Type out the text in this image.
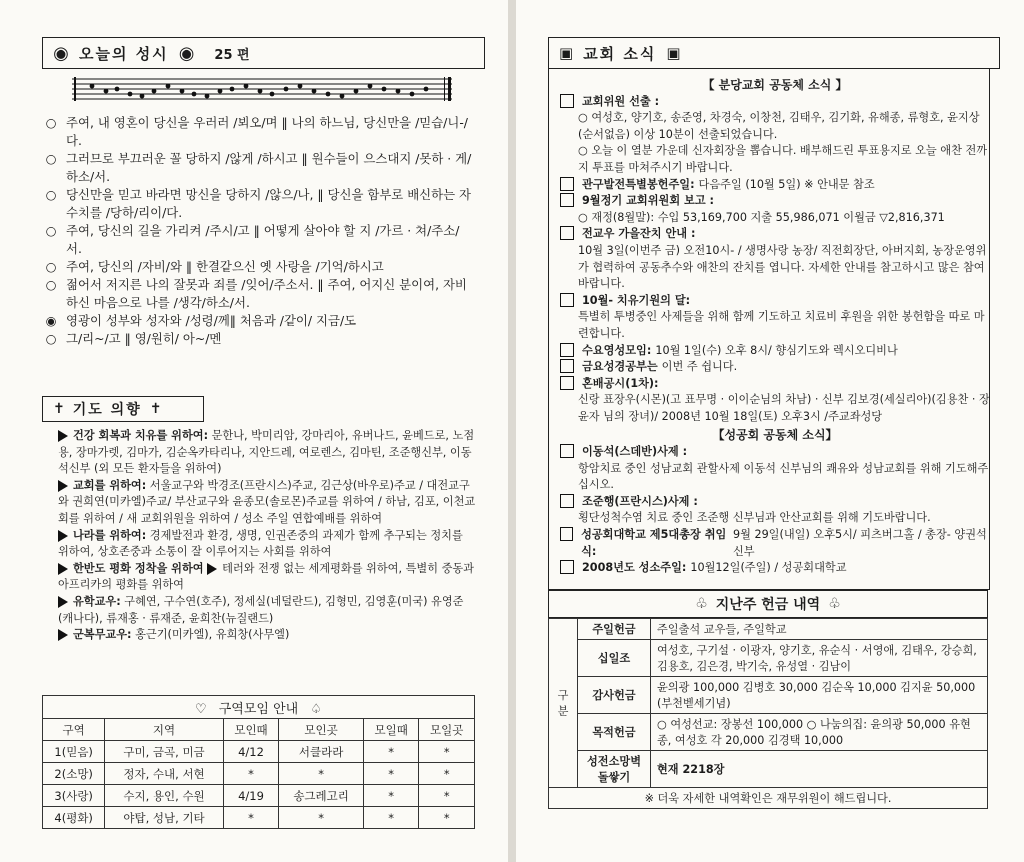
◉ 오늘의 성시 ◉ 25 편
○ 주여, 내 영혼이 당신을 우러러 /뵈오/며 ‖ 나의 하느님, 당신만을 /믿습/니-/다.
○ 그러므로 부끄러운 꼴 당하지 /않게 /하시고 ‖ 원수들이 으스대지 /못하 · 게/하소/서.
○ 당신만을 믿고 바라면 망신을 당하지 /않으/나, ‖ 당신을 함부로 배신하는 자 수치를 /당하/리이/다.
○ 주여, 당신의 길을 가리켜 /주시/고 ‖ 어떻게 살아야 할 지 /가르 · 쳐/주소/서.
○ 주여, 당신의 /자비/와 ‖ 한결같으신 옛 사랑을 /기억/하시고
○ 젊어서 저지른 나의 잘못과 죄를 /잊어/주소서. ‖ 주여, 어지신 분이여, 자비하신 마음으로 나를 /생각/하소/서.
◉ 영광이 성부와 성자와 /성령/께‖ 처음과 /같이/ 지금/도
○ 그/리~/고 ‖ 영/원히/ 아~/멘
✝ 기도 의향 ✝

건강 회복과 치유를 위하여: 문한나, 박미리암, 강마리아, 유버나드, 윤베드로, 노점용, 장마가렛, 김마가, 김순옥카타리나, 지안드레, 여로렌스, 김마틴, 조준행신부, 이동석신부 (외 모든 환자들을 위하여)

교회를 위하여: 서울교구와 박경조(프란시스)주교, 김근상(바우로)주교 / 대전교구와 권희연(미카엘)주교/ 부산교구와 윤종모(솔로몬)주교를 위하여 / 하남, 김포, 이천교회를 위하여 / 새 교회위원을 위하여 / 성소 주일 연합예배를 위하여

나라를 위하여: 경제발전과 환경, 생명, 인권존중의 과제가 함께 추구되는 정치를 위하여, 상호존중과 소통이 잘 이루어지는 사회를 위하여

한반도 평화 정착을 위하여 테러와 전쟁 없는 세계평화를 위하여, 특별히 중동과 아프리카의 평화를 위하여

유학교우: 구혜연, 구수연(호주), 정세실(네덜란드), 김형민, 김영훈(미국) 유영준(캐나다), 류재홍 · 류재준, 윤희찬(뉴질랜드)

군복무교우: 홍근기(미카엘), 유희창(사무엘)

♡ 구역모임 안내 ♤					
구역	지역	모인때	모인곳	모일때	모일곳
1(믿음)	구미, 금곡, 미금	4/12	서클라라	*	*
2(소망)	정자, 수내, 서현	*	*	*	*
3(사랑)	수지, 용인, 수원	4/19	송그레고리	*	*
4(평화)	야탑, 성남, 기타	*	*	*	*
▣ 교회 소식 ▣
【 분당교회 공동체 소식 】
교회위원 선출 :
○ 여성호, 양기호, 송준영, 차경숙, 이창천, 김태우, 김기화, 유해종, 류형호, 윤지상(순서없음) 이상 10분이 선출되었습니다.
○ 오늘 이 열분 가운데 신자회장을 뽑습니다. 배부해드린 투표용지로 오늘 애찬 전까지 투표를 마쳐주시기 바랍니다.
관구발전특별봉헌주일: 다음주일 (10월 5일) ※ 안내문 참조
9월정기 교회위원회 보고 :
○ 재정(8월말): 수입 53,169,700 지출 55,986,071 이월금 ▽2,816,371
전교우 가을잔치 안내 :
10월 3일(이번주 금) 오전10시- / 생명사랑 농장/ 직전회장단, 아버지회, 농장운영위가 협력하여 공동추수와 애찬의 잔치를 엽니다. 자세한 안내를 참고하시고 많은 참여 바랍니다.
10월- 치유기원의 달:
특별히 투병중인 사제들을 위해 함께 기도하고 치료비 후원을 위한 봉헌함을 따로 마련합니다.
수요영성모임: 10월 1일(수) 오후 8시/ 향심기도와 렉시오디비나
금요성경공부는 이번 주 쉽니다.
혼배공시(1차):
신랑 표장우(시몬)(고 표무명 · 이이순님의 차남) · 신부 김보경(세실리아)(김용찬 · 장윤자 님의 장녀)/ 2008년 10월 18일(토) 오후3시 /주교좌성당
【성공회 공동체 소식】
이동석(스데반)사제 :
항암치료 중인 성남교회 관할사제 이동석 신부님의 쾌유와 성남교회를 위해 기도해주십시오.
조준행(프란시스)사제 :
횡단성척수염 치료 중인 조준행 신부님과 안산교회를 위해 기도바랍니다.
성공회대학교 제5대총장 취임식:
9월 29일(내일) 오후5시/ 피츠버그홀 / 총장- 양권석 신부
2008년도 성소주일: 10월12일(주일) / 성공회대학교
♧ 지난주 헌금 내역 ♧
구분	주일헌금	주일출석 교우들, 주일학교
	십일조	여성호, 구기설 · 이광자, 양기호, 유순식 · 서영애, 김태우, 강승희, 김용호, 김은경, 박기숙, 유성열 · 김남이
	감사헌금	윤의광 100,000 김병호 30,000 김순옥 10,000 김지윤 50,000 (부천벧세기념)
	목적헌금	○ 여성선교: 장봉선 100,000 ○ 나눔의집: 윤의광 50,000 유현종, 여성호 각 20,000 김경택 10,000
	성전소망벽돌쌓기	현재 2218장
※ 더욱 자세한 내역확인은 재무위원이 해드립니다.		
